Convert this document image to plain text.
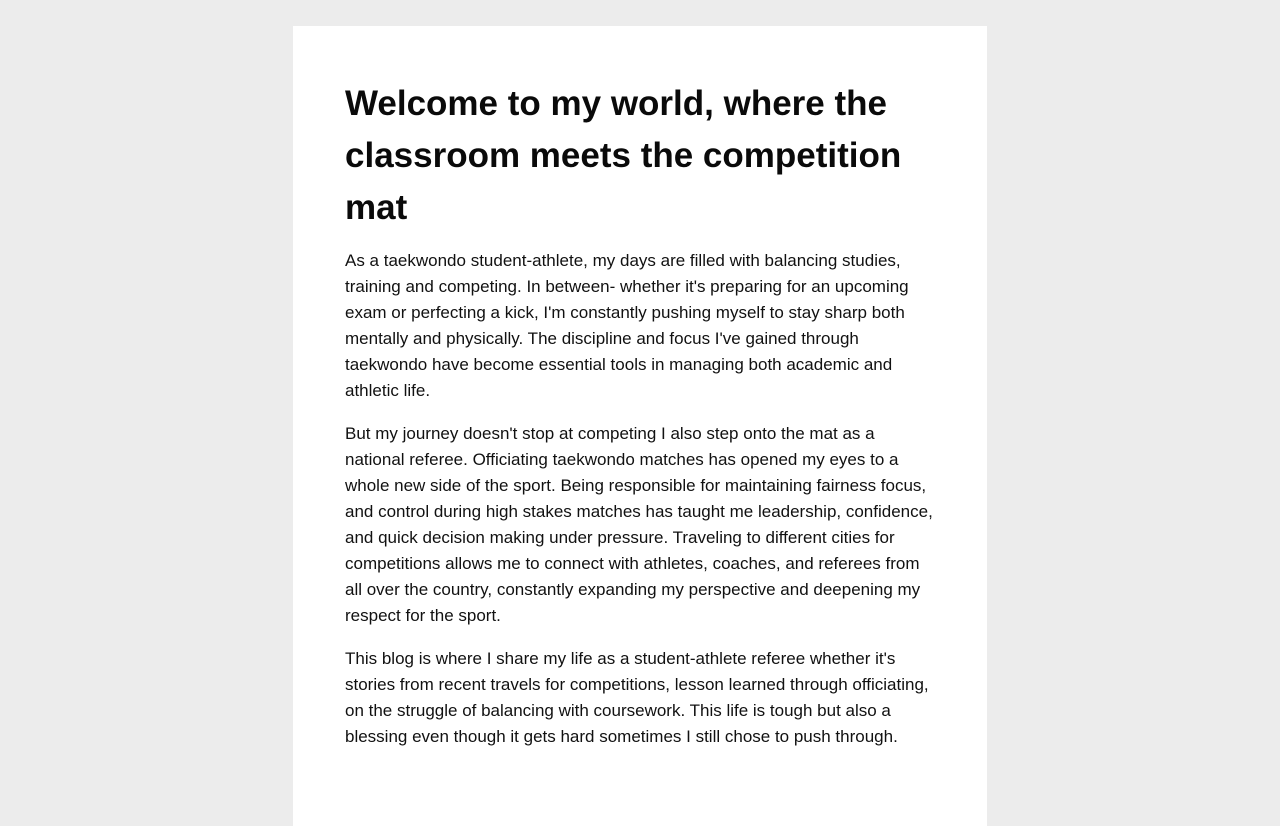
Welcome to my world, where the classroom meets the competition mat

As a taekwondo student-athlete, my days are filled with balancing studies, training and competing. In between- whether it's preparing for an upcoming exam or perfecting a kick, I'm constantly pushing myself to stay sharp both mentally and physically. The discipline and focus I've gained through taekwondo have become essential tools in managing both academic and athletic life.

But my journey doesn't stop at competing I also step onto the mat as a national referee. Officiating taekwondo matches has opened my eyes to a whole new side of the sport. Being responsible for maintaining fairness focus, and control during high stakes matches has taught me leadership, confidence, and quick decision making under pressure. Traveling to different cities for competitions allows me to connect with athletes, coaches, and referees from all over the country, constantly expanding my perspective and deepening my respect for the sport.

This blog is where I share my life as a student-athlete referee whether it's stories from recent travels for competitions, lesson learned through officiating, on the struggle of balancing with coursework. This life is tough but also a blessing even though it gets hard sometimes I still chose to push through.
